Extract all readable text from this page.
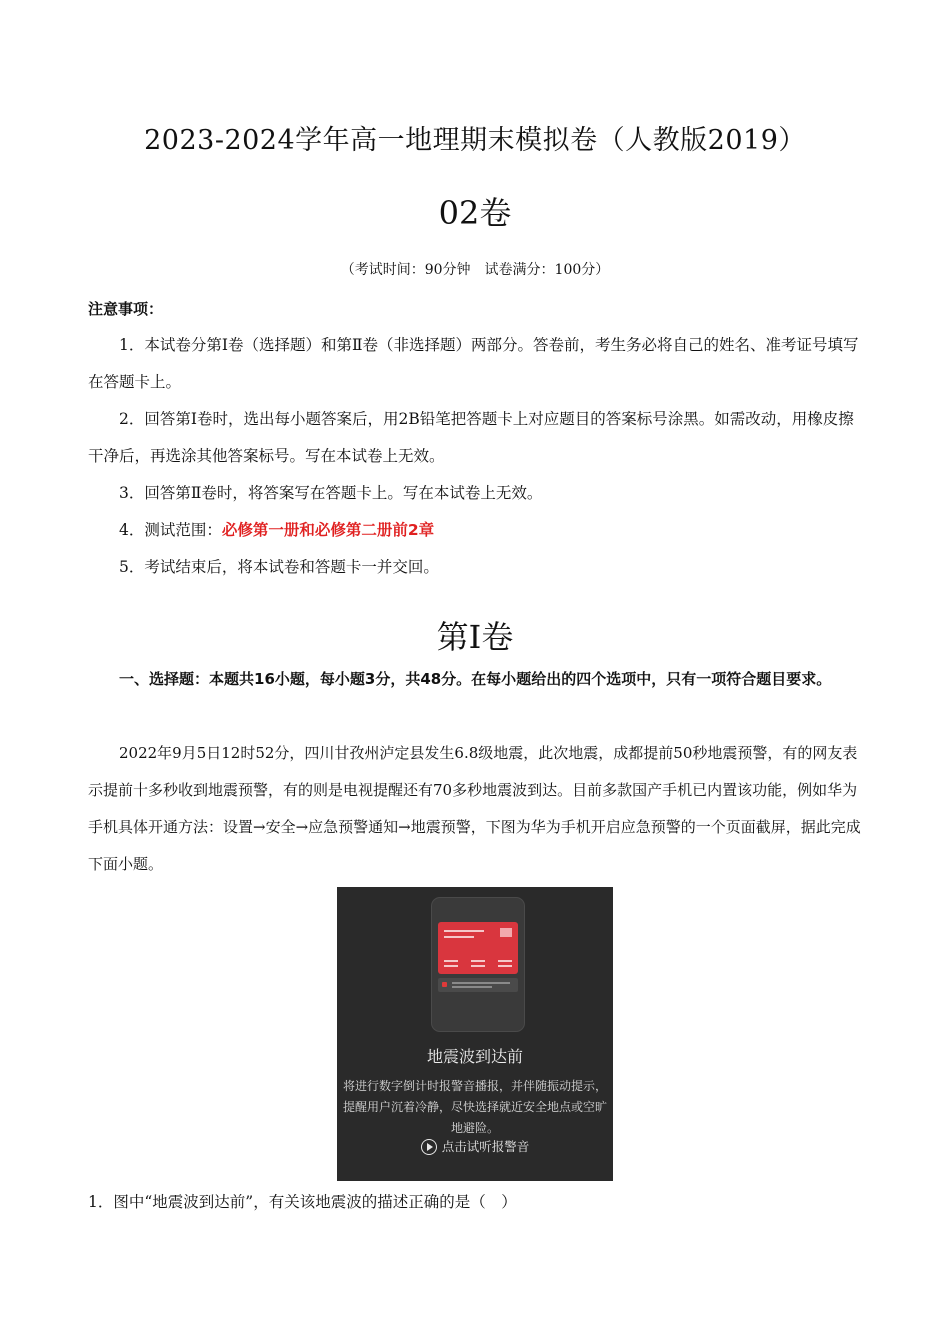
2023-2024学年高一地理期末模拟卷（人教版2019）
02卷
（考试时间：90分钟　试卷满分：100分）
注意事项：

1．本试卷分第Ⅰ卷（选择题）和第Ⅱ卷（非选择题）两部分。答卷前，考生务必将自己的姓名、准考证号填写在答题卡上。

2．回答第Ⅰ卷时，选出每小题答案后，用2B铅笔把答题卡上对应题目的答案标号涂黑。如需改动，用橡皮擦干净后，再选涂其他答案标号。写在本试卷上无效。

3．回答第Ⅱ卷时，将答案写在答题卡上。写在本试卷上无效。

4．测试范围：必修第一册和必修第二册前2章

5．考试结束后，将本试卷和答题卡一并交回。

第Ⅰ卷

一、选择题：本题共16小题，每小题3分，共48分。在每小题给出的四个选项中，只有一项符合题目要求。

2022年9月5日12时52分，四川甘孜州泸定县发生6.8级地震，此次地震，成都提前50秒地震预警，有的网友表示提前十多秒收到地震预警，有的则是电视提醒还有70多秒地震波到达。目前多款国产手机已内置该功能，例如华为手机具体开通方法：设置→安全→应急预警通知→地震预警，下图为华为手机开启应急预警的一个页面截屏，据此完成下面小题。

地震波到达前
将进行数字倒计时报警音播报，并伴随振动提示，提醒用户沉着冷静，尽快选择就近安全地点或空旷地避险。
点击试听报警音
1．图中“地震波到达前”，有关该地震波的描述正确的是（　）
